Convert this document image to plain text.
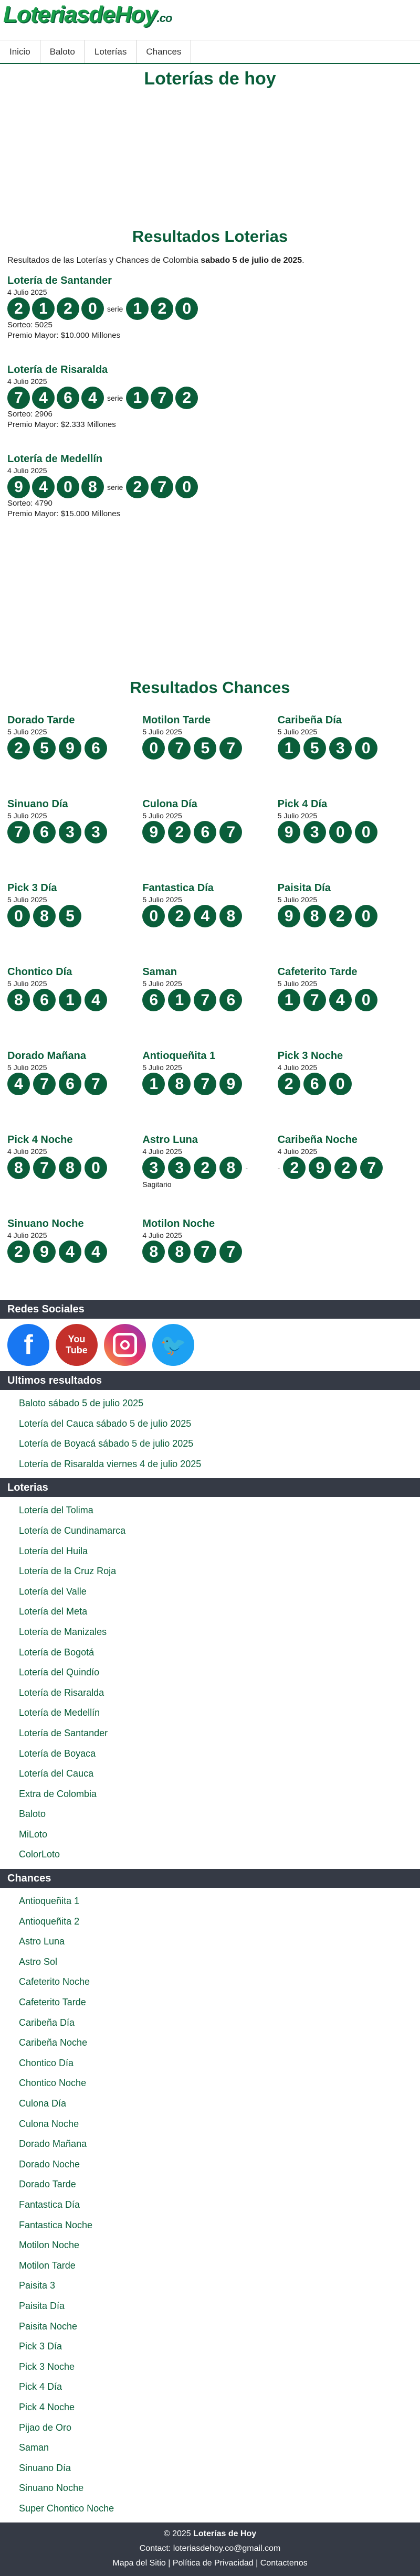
LoteriasdeHoy.co
Inicio	Baloto	Loterías	Chances
Loterías de hoy
Resultados Loterias

Resultados de las Loterías y Chances de Colombia sabado 5 de julio de 2025.

Lotería de Santander
4 Julio 2025
2	1	2	0	serie 1	2	0
Sorteo: 5025
Premio Mayor: $10.000 Millones
Lotería de Risaralda
4 Julio 2025
7	4	6	4	serie 1	7	2
Sorteo: 2906
Premio Mayor: $2.333 Millones
Lotería de Medellín
4 Julio 2025
9	4	0	8	serie 2	7	0
Sorteo: 4790
Premio Mayor: $15.000 Millones
Resultados Chances
Dorado Tarde
5 Julio 2025
2	5	9	6
Motilon Tarde
5 Julio 2025
0	7	5	7
Caribeña Día
5 Julio 2025
1	5	3	0
Sinuano Día
5 Julio 2025
7	6	3	3
Culona Día
5 Julio 2025
9	2	6	7
Pick 4 Día
5 Julio 2025
9	3	0	0
Pick 3 Día
5 Julio 2025
0	8	5
Fantastica Día
5 Julio 2025
0	2	4	8
Paisita Día
5 Julio 2025
9	8	2	0
Chontico Día
5 Julio 2025
8	6	1	4
Saman
5 Julio 2025
6	1	7	6
Cafeterito Tarde
5 Julio 2025
1	7	4	0
Dorado Mañana
5 Julio 2025
4	7	6	7
Antioqueñita 1
5 Julio 2025
1	8	7	9
Pick 3 Noche
4 Julio 2025
2	6	0
Pick 4 Noche
4 Julio 2025
8	7	8	0
Astro Luna
4 Julio 2025
3	3	2	8	-
Sagitario
Caribeña Noche
4 Julio 2025
- 2	9	2	7
Sinuano Noche
4 Julio 2025
2	9	4	4
Motilon Noche
4 Julio 2025
8	8	7	7
Redes Sociales
f	You
Tube	🐦
Ultimos resultados
Baloto sábado 5 de julio 2025
Lotería del Cauca sábado 5 de julio 2025
Lotería de Boyacá sábado 5 de julio 2025
Lotería de Risaralda viernes 4 de julio 2025
Loterias
Lotería del Tolima
Lotería de Cundinamarca
Lotería del Huila
Lotería de la Cruz Roja
Lotería del Valle
Lotería del Meta
Lotería de Manizales
Lotería de Bogotá
Lotería del Quindío
Lotería de Risaralda
Lotería de Medellín
Lotería de Santander
Lotería de Boyaca
Lotería del Cauca
Extra de Colombia
Baloto
MiLoto
ColorLoto
Chances
Antioqueñita 1
Antioqueñita 2
Astro Luna
Astro Sol
Cafeterito Noche
Cafeterito Tarde
Caribeña Día
Caribeña Noche
Chontico Día
Chontico Noche
Culona Día
Culona Noche
Dorado Mañana
Dorado Noche
Dorado Tarde
Fantastica Día
Fantastica Noche
Motilon Noche
Motilon Tarde
Paisita 3
Paisita Día
Paisita Noche
Pick 3 Día
Pick 3 Noche
Pick 4 Día
Pick 4 Noche
Pijao de Oro
Saman
Sinuano Día
Sinuano Noche
Super Chontico Noche
© 2025 Loterías de Hoy
Contact: loteriasdehoy.co@gmail.com
Mapa del Sitio | Política de Privacidad | Contactenos
